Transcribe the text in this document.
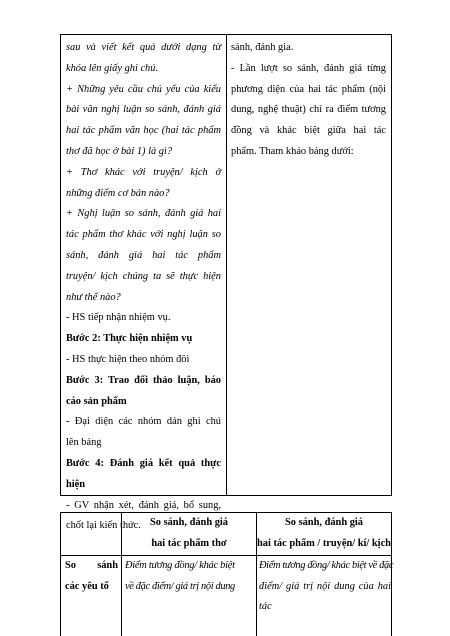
sau và viết kết quả dưới dạng từ
khóa lên giấy ghi chú.
+ Những yêu cầu chủ yếu của kiểu
bài văn nghị luận so sánh, đánh giá
hai tác phẩm văn học (hai tác phẩm
thơ đã học ở bài 1) là gì?
+ Thơ khác với truyện/ kịch ở
những điểm cơ bản nào?
+ Nghị luận so sánh, đánh giá hai
tác phẩm thơ khác với nghị luận so
sánh, đánh giá hai tác phẩm
truyện/ kịch chúng ta sẽ thực hiện
như thế nào?
- HS tiếp nhận nhiệm vụ.
Bước 2: Thực hiện nhiệm vụ
- HS thực hiện theo nhóm đôi
Bước 3: Trao đổi thảo luận, báo
cáo sản phẩm
- Đại diện các nhóm dán ghi chú
lên bảng
Bước 4: Đánh giá kết quả thực
hiện
- GV nhận xét, đánh giá, bổ sung,
chốt lại kiến thức.
sánh, đánh gia.
- Lần lượt so sánh, đánh giá từng
phương diện của hai tác phẩm (nội
dung, nghệ thuật) chỉ ra điểm tương
đồng và khác biệt giữa hai tác
phẩm. Tham khảo bảng dưới:
So sánh, đánh giá
hai tác phẩm thơ
So sánh, đánh giá
hai tác phẩm / truyện/ kí/ kịch
So sánh
các yêu tố
Điểm tương đồng/ khác biệt
về đặc điểm/ giá trị nội dung
Điểm tương đồng/ khác biệt về đặc
điểm/ giá trị nội dung của hai tác
